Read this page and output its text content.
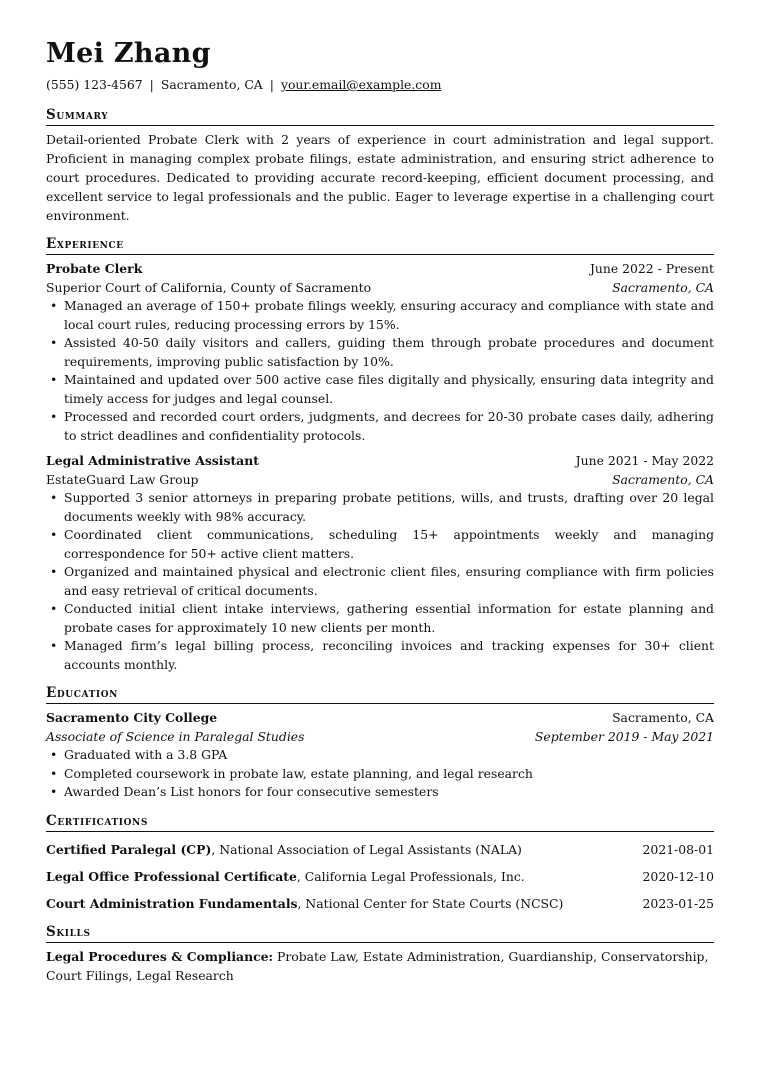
Mei Zhang
(555) 123-4567 | Sacramento, CA | your.email@example.com
Summary

Detail-oriented Probate Clerk with 2 years of experience in court administration and legal support. Proficient in managing complex probate filings, estate administration, and ensuring strict adherence to court procedures. Dedicated to providing accurate record-keeping, efficient document processing, and excellent service to legal professionals and the public. Eager to leverage expertise in a challenging court environment.

Experience
Probate Clerk	June 2022 - Present
Superior Court of California, County of Sacramento	Sacramento, CA
• Managed an average of 150+ probate filings weekly, ensuring accuracy and compliance with state and local court rules, reducing processing errors by 15%.
• Assisted 40-50 daily visitors and callers, guiding them through probate procedures and document requirements, improving public satisfaction by 10%.
• Maintained and updated over 500 active case files digitally and physically, ensuring data integrity and timely access for judges and legal counsel.
• Processed and recorded court orders, judgments, and decrees for 20-30 probate cases daily, adhering to strict deadlines and confidentiality protocols.
Legal Administrative Assistant	June 2021 - May 2022
EstateGuard Law Group	Sacramento, CA
• Supported 3 senior attorneys in preparing probate petitions, wills, and trusts, drafting over 20 legal documents weekly with 98% accuracy.
• Coordinated client communications, scheduling 15+ appointments weekly and managing correspondence for 50+ active client matters.
• Organized and maintained physical and electronic client files, ensuring compliance with firm policies and easy retrieval of critical documents.
• Conducted initial client intake interviews, gathering essential information for estate planning and probate cases for approximately 10 new clients per month.
• Managed firm’s legal billing process, reconciling invoices and tracking expenses for 30+ client accounts monthly.
Education
Sacramento City College	Sacramento, CA
Associate of Science in Paralegal Studies	September 2019 - May 2021
• Graduated with a 3.8 GPA
• Completed coursework in probate law, estate planning, and legal research
• Awarded Dean’s List honors for four consecutive semesters
Certifications
Certified Paralegal (CP), National Association of Legal Assistants (NALA)	2021-08-01
Legal Office Professional Certificate, California Legal Professionals, Inc.	2020-12-10
Court Administration Fundamentals, National Center for State Courts (NCSC)	2023-01-25
Skills
Legal Procedures & Compliance: Probate Law, Estate Administration, Guardianship, Conservatorship, Court Filings, Legal Research
